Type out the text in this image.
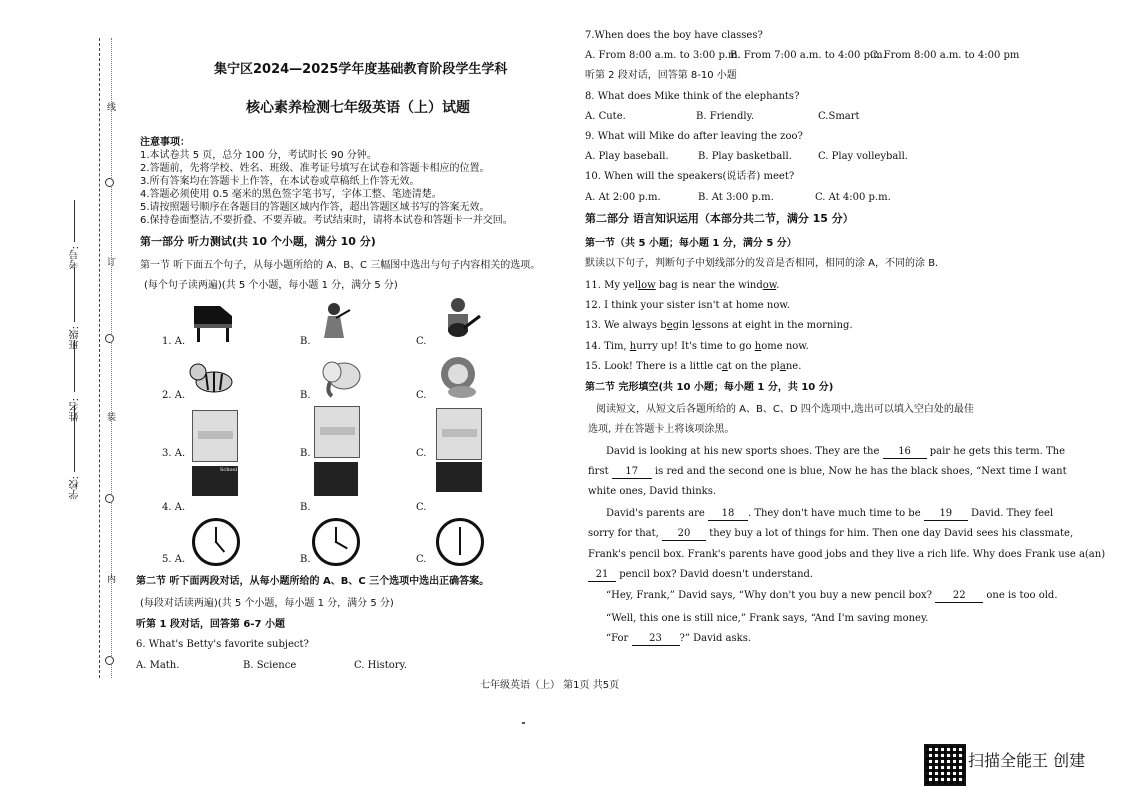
线
订
装
内
学校:
姓名:
班级:
考号:
集宁区2024—2025学年度基础教育阶段学生学科
核心素养检测七年级英语（上）试题
注意事项：
1.本试卷共 5 页，总分 100 分，考试时长 90 分钟。
2.答题前，先将学校、姓名、班级、准考证号填写在试卷和答题卡相应的位置。
3.所有答案均在答题卡上作答，在本试卷或草稿纸上作答无效。
4.答题必须使用 0.5 毫米的黑色签字笔书写，字体工整、笔迹清楚。
5.请按照题号顺序在各题目的答题区域内作答，超出答题区域书写的答案无效。
6.保持卷面整洁,不要折叠、不要弄破。考试结束时，请将本试卷和答题卡一并交回。
第一部分 听力测试(共 10 个小题，满分 10 分)
第一节 听下面五个句子，从每小题所给的 A、B、C 三幅图中选出与句子内容相关的选项。
(每个句子读两遍)(共 5 个小题，每小题 1 分，满分 5 分)
1. A.	B.	C.
2. A.	B.	C.
3. A.	B.	C.
4. A.	B.	C.
School
5. A.	B.	C.
第二节 听下面两段对话，从每小题所给的 A、B、C 三个选项中选出正确答案。
(每段对话读两遍)(共 5 个小题，每小题 1 分，满分 5 分)
听第 1 段对话，回答第 6-7 小题
6. What's Betty's favorite subject?
A. Math.	B. Science	C. History.
7.When does the boy have classes?
A. From 8:00 a.m. to 3:00 p.m.
B. From 7:00 a.m. to 4:00 p.m.
C. From 8:00 a.m. to 4:00 pm
听第 2 段对话，回答第 8-10 小题
8. What does Mike think of the elephants?
A. Cute.	B. Friendly.	C.Smart
9. What will Mike do after leaving the zoo?
A. Play baseball.	B. Play basketball.	C. Play volleyball.
10. When will the speakers(说话者) meet?
A. At 2:00 p.m.	B. At 3:00 p.m.	C. At 4:00 p.m.
第二部分 语言知识运用（本部分共二节，满分 15 分）
第一节（共 5 小题；每小题 1 分，满分 5 分）
默读以下句子，判断句子中划线部分的发音是否相同，相同的涂 A，不同的涂 B.
11. My yellow bag is near the window.
12. I think your sister isn't at home now.
13. We always begin lessons at eight in the morning.
14. Tim, hurry up! It's time to go home now.
15. Look! There is a little cat on the plane.
第二节 完形填空(共 10 小题；每小题 1 分，共 10 分)
阅读短文，从短文后各题所给的 A、B、C、D 四个选项中,选出可以填入空白处的最佳
选项, 并在答题卡上将该项涂黑。
David is looking at his new sports shoes. They are the 16 pair he gets this term. The
first 17 is red and the second one is blue, Now he has the black shoes, “Next time I want
white ones, David thinks.
David's parents are 18 . They don't have much time to be 19 David. They feel
sorry for that, 20 they buy a lot of things for him. Then one day David sees his classmate,
Frank's pencil box. Frank's parents have good jobs and they live a rich life. Why does Frank use a(an)
21 pencil box? David doesn't understand.
“Hey, Frank,” David says, “Why don't you buy a new pencil box? 22 one is too old.
“Well, this one is still nice,” Frank says, “And I'm saving money.
“For 23 ?” David asks.
七年级英语（上） 第1页 共5页
扫描全能王 创建
